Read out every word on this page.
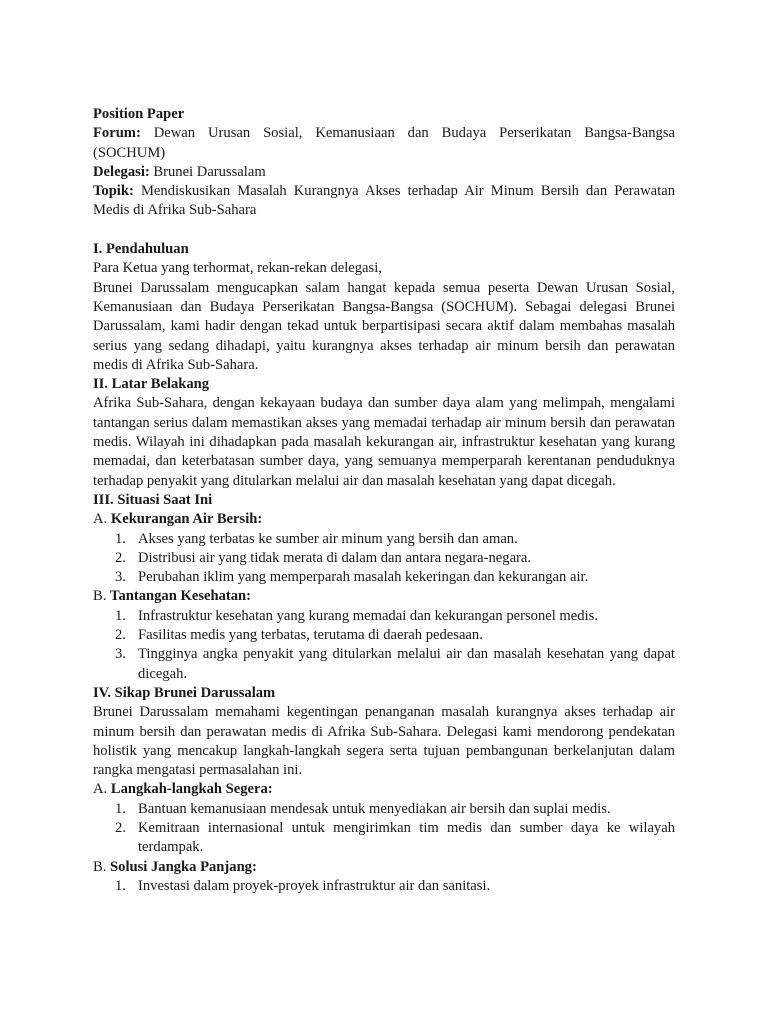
Position Paper

Forum: Dewan Urusan Sosial, Kemanusiaan dan Budaya Perserikatan Bangsa-Bangsa (SOCHUM)

Delegasi: Brunei Darussalam

Topik: Mendiskusikan Masalah Kurangnya Akses terhadap Air Minum Bersih dan Perawatan Medis di Afrika Sub-Sahara

I. Pendahuluan

Para Ketua yang terhormat, rekan-rekan delegasi,

Brunei Darussalam mengucapkan salam hangat kepada semua peserta Dewan Urusan Sosial, Kemanusiaan dan Budaya Perserikatan Bangsa-Bangsa (SOCHUM). Sebagai delegasi Brunei Darussalam, kami hadir dengan tekad untuk berpartisipasi secara aktif dalam membahas masalah serius yang sedang dihadapi, yaitu kurangnya akses terhadap air minum bersih dan perawatan medis di Afrika Sub-Sahara.

II. Latar Belakang

Afrika Sub-Sahara, dengan kekayaan budaya dan sumber daya alam yang melimpah, mengalami tantangan serius dalam memastikan akses yang memadai terhadap air minum bersih dan perawatan medis. Wilayah ini dihadapkan pada masalah kekurangan air, infrastruktur kesehatan yang kurang memadai, dan keterbatasan sumber daya, yang semuanya memperparah kerentanan penduduknya terhadap penyakit yang ditularkan melalui air dan masalah kesehatan yang dapat dicegah.

III. Situasi Saat Ini

A. Kekurangan Air Bersih:

1. Akses yang terbatas ke sumber air minum yang bersih dan aman.
2. Distribusi air yang tidak merata di dalam dan antara negara-negara.
3. Perubahan iklim yang memperparah masalah kekeringan dan kekurangan air.

B. Tantangan Kesehatan:

1. Infrastruktur kesehatan yang kurang memadai dan kekurangan personel medis.
2. Fasilitas medis yang terbatas, terutama di daerah pedesaan.
3. Tingginya angka penyakit yang ditularkan melalui air dan masalah kesehatan yang dapat dicegah.

IV. Sikap Brunei Darussalam

Brunei Darussalam memahami kegentingan penanganan masalah kurangnya akses terhadap air minum bersih dan perawatan medis di Afrika Sub-Sahara. Delegasi kami mendorong pendekatan holistik yang mencakup langkah-langkah segera serta tujuan pembangunan berkelanjutan dalam rangka mengatasi permasalahan ini.

A. Langkah-langkah Segera:

1. Bantuan kemanusiaan mendesak untuk menyediakan air bersih dan suplai medis.
2. Kemitraan internasional untuk mengirimkan tim medis dan sumber daya ke wilayah terdampak.

B. Solusi Jangka Panjang:

1. Investasi dalam proyek-proyek infrastruktur air dan sanitasi.
